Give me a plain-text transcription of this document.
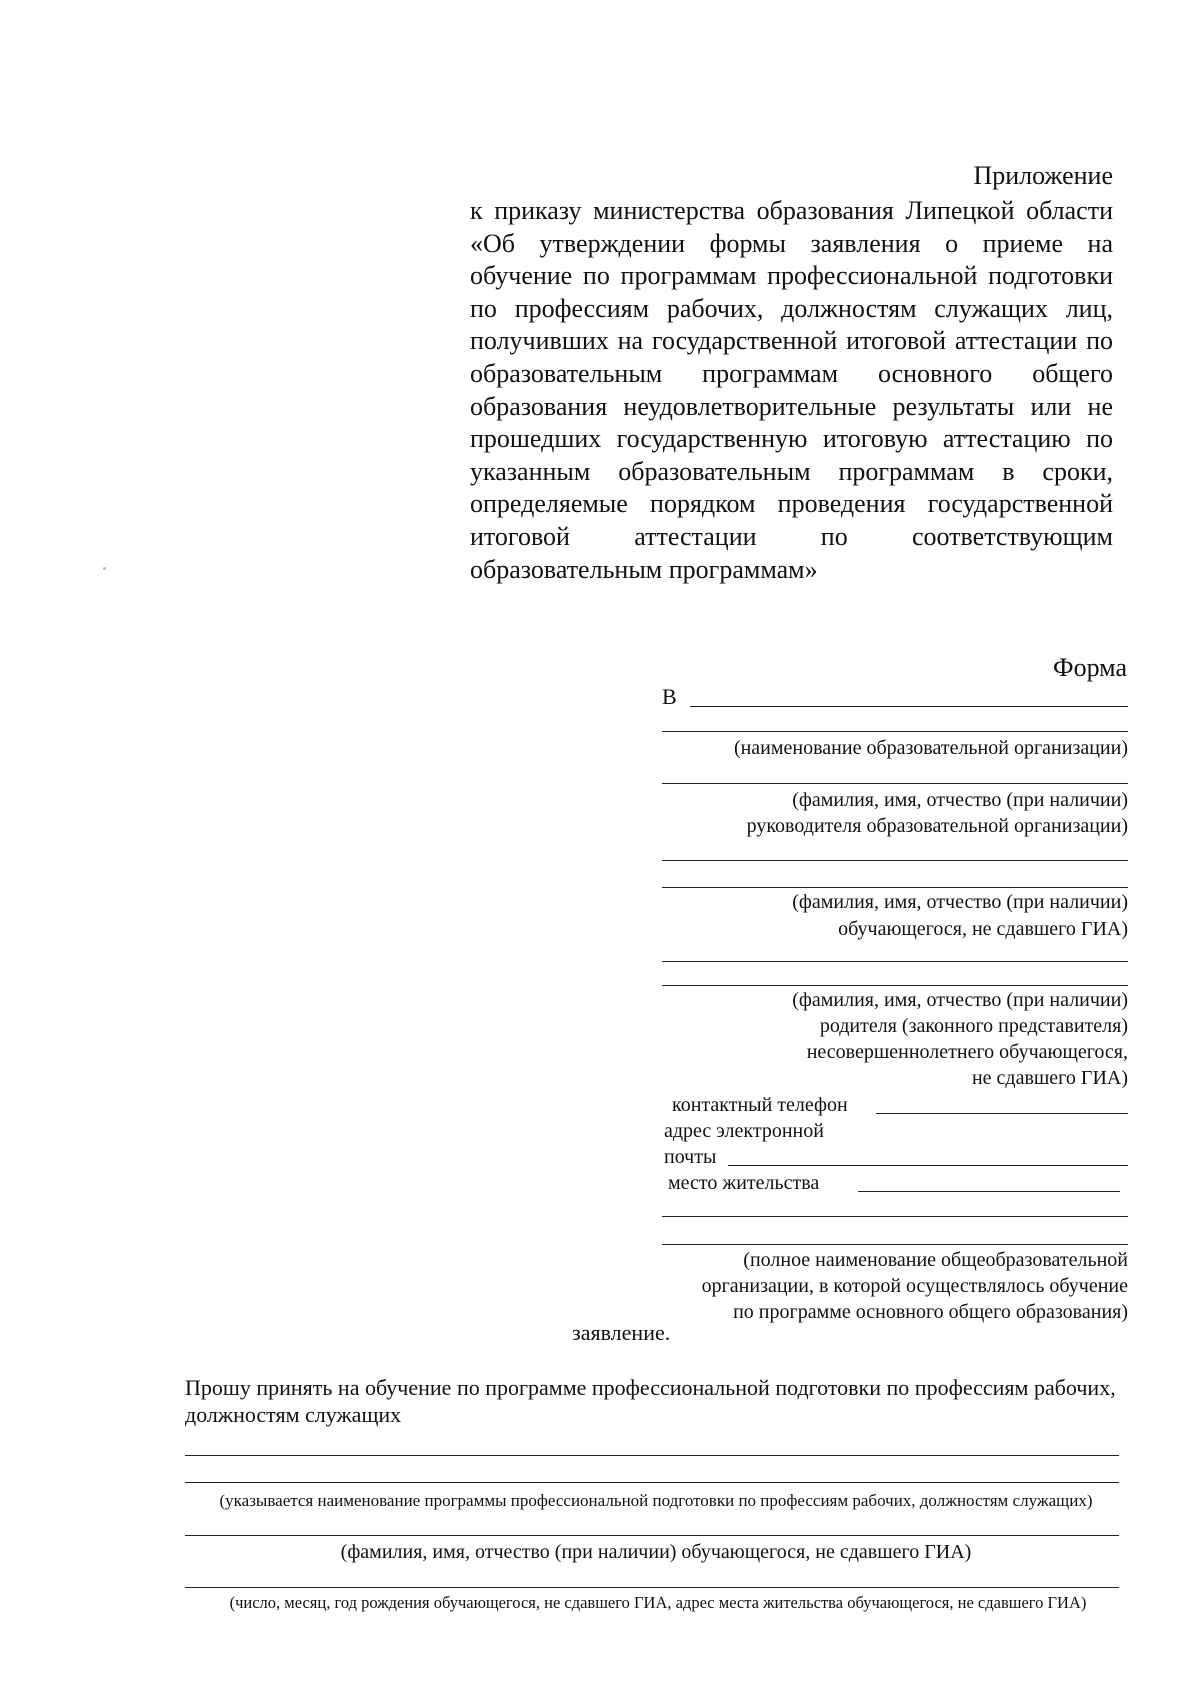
Приложение
к приказу министерства образования Липецкой области «Об утверждении формы заявления о приеме на обучение по программам профессиональной подготовки по профессиям рабочих, должностям служащих лиц, получивших на государственной итоговой аттестации по образовательным программам основного общего образования неудовлетворительные результаты или не прошедших государственную итоговую аттестацию по указанным образовательным программам в сроки, определяемые порядком проведения государственной итоговой аттестации по соответствующим образовательным программам»
Форма
В
(наименование образовательной организации)
(фамилия, имя, отчество (при наличии)
руководителя образовательной организации)
(фамилия, имя, отчество (при наличии)
обучающегося, не сдавшего ГИА)
(фамилия, имя, отчество (при наличии)
родителя (законного представителя)
несовершеннолетнего обучающегося,
не сдавшего ГИА)
контактный телефон
адрес электронной
почты
место жительства
(полное наименование общеобразовательной
организации, в которой осуществлялось обучение
по программе основного общего образования)
заявление.
Прошу принять на обучение по программе профессиональной подготовки по профессиям рабочих, должностям служащих
(указывается наименование программы профессиональной подготовки по профессиям рабочих, должностям служащих)
(фамилия, имя, отчество (при наличии) обучающегося, не сдавшего ГИА)
(число, месяц, год рождения обучающегося, не сдавшего ГИА, адрес места жительства обучающегося, не сдавшего ГИА)
